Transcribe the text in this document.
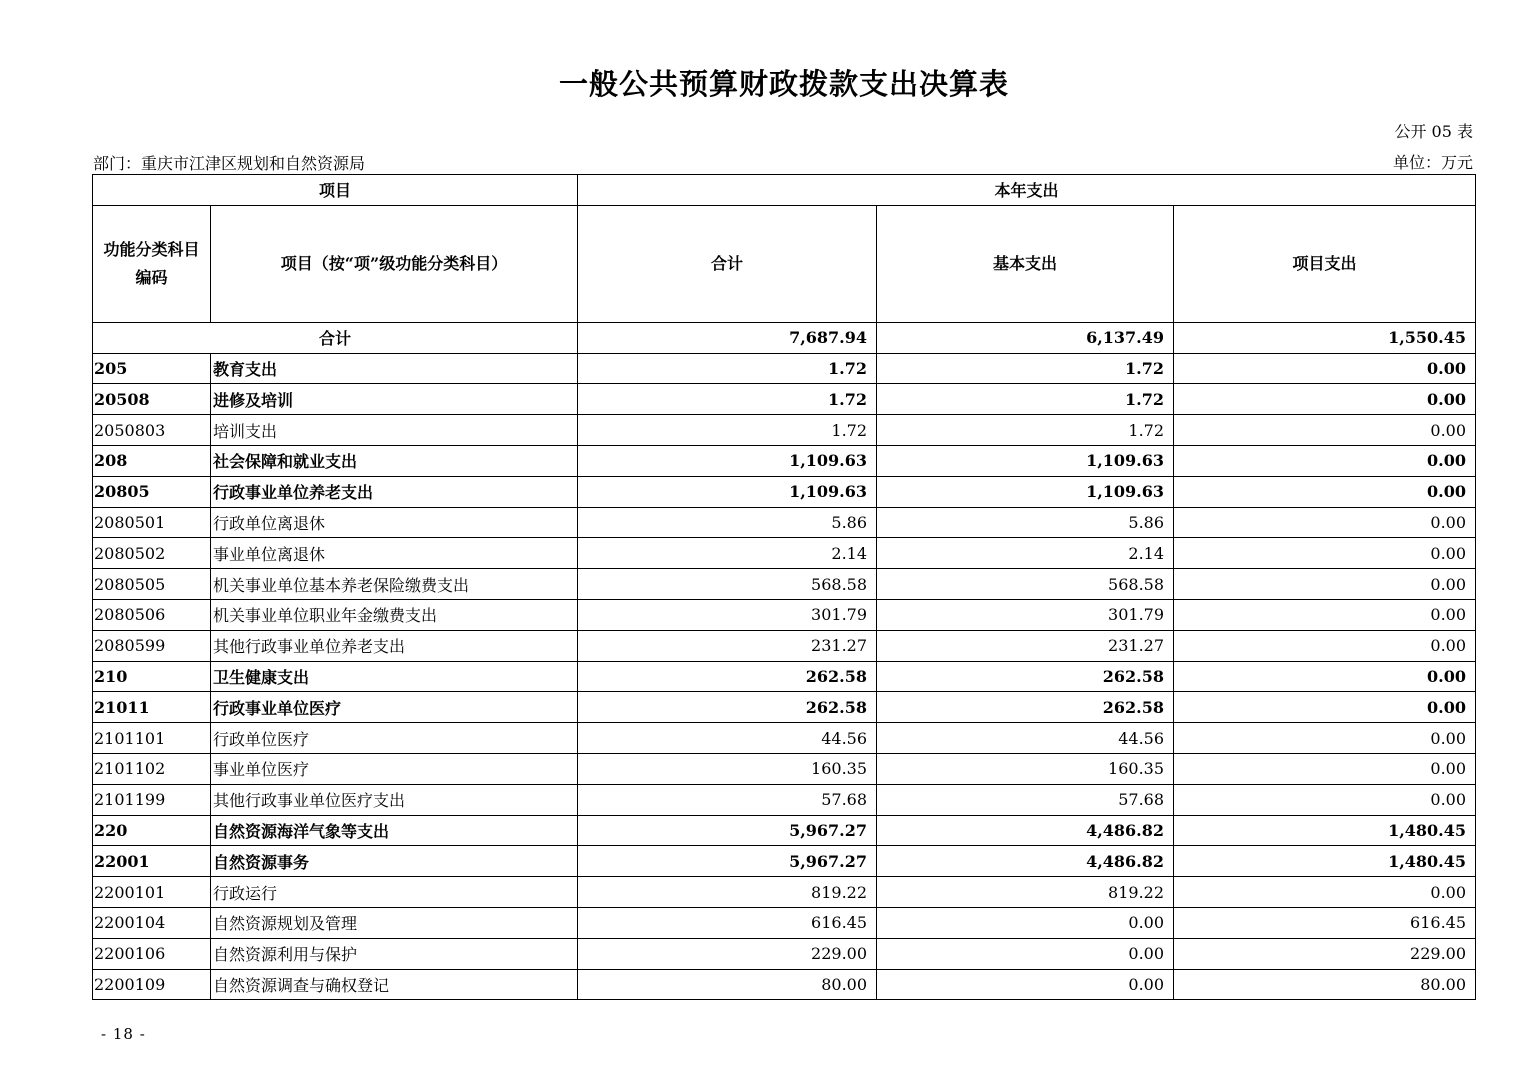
一般公共预算财政拨款支出决算表
公开 05 表
部门：重庆市江津区规划和自然资源局	单位：万元
项目		本年支出		
功能分类科目
编码	项目（按“项”级功能分类科目）	合计	基本支出	项目支出
合计		7,687.94	6,137.49	1,550.45
205	教育支出	1.72	1.72	0.00
20508	进修及培训	1.72	1.72	0.00
2050803	培训支出	1.72	1.72	0.00
208	社会保障和就业支出	1,109.63	1,109.63	0.00
20805	行政事业单位养老支出	1,109.63	1,109.63	0.00
2080501	行政单位离退休	5.86	5.86	0.00
2080502	事业单位离退休	2.14	2.14	0.00
2080505	机关事业单位基本养老保险缴费支出	568.58	568.58	0.00
2080506	机关事业单位职业年金缴费支出	301.79	301.79	0.00
2080599	其他行政事业单位养老支出	231.27	231.27	0.00
210	卫生健康支出	262.58	262.58	0.00
21011	行政事业单位医疗	262.58	262.58	0.00
2101101	行政单位医疗	44.56	44.56	0.00
2101102	事业单位医疗	160.35	160.35	0.00
2101199	其他行政事业单位医疗支出	57.68	57.68	0.00
220	自然资源海洋气象等支出	5,967.27	4,486.82	1,480.45
22001	自然资源事务	5,967.27	4,486.82	1,480.45
2200101	行政运行	819.22	819.22	0.00
2200104	自然资源规划及管理	616.45	0.00	616.45
2200106	自然资源利用与保护	229.00	0.00	229.00
2200109	自然资源调查与确权登记	80.00	0.00	80.00
- 18 -
